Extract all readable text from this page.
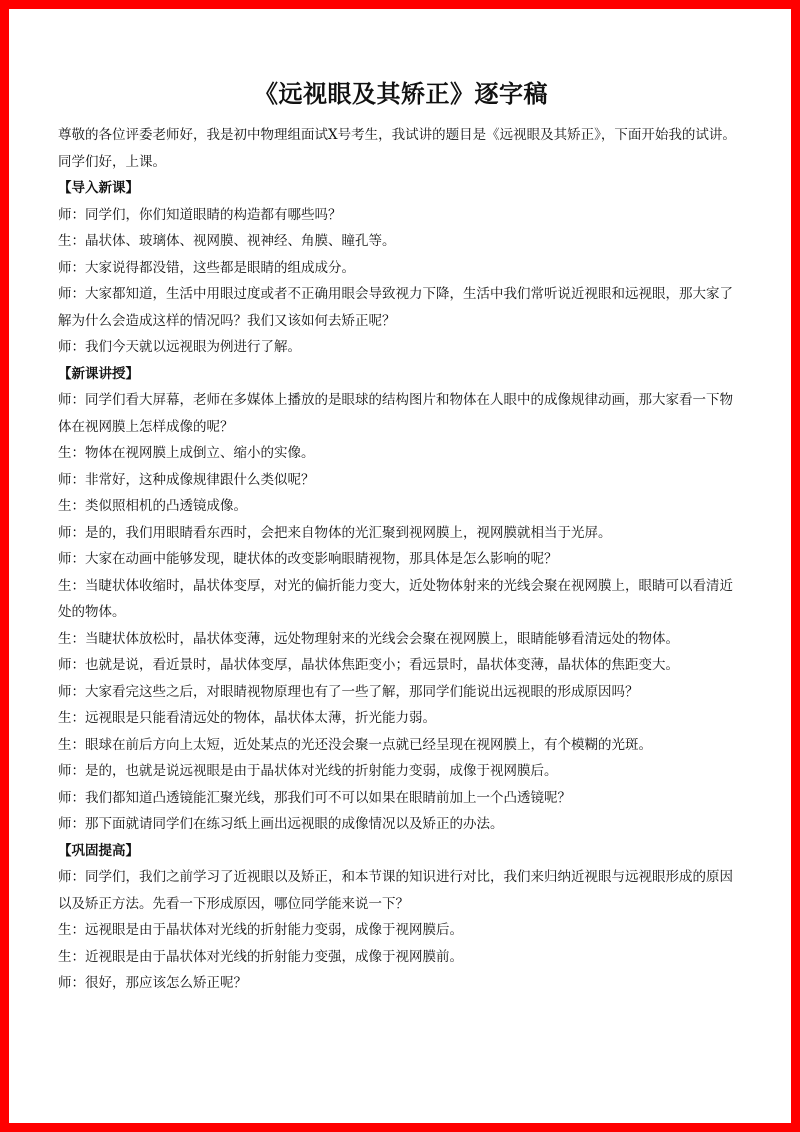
《远视眼及其矫正》逐字稿

尊敬的各位评委老师好，我是初中物理组面试X号考生，我试讲的题目是《远视眼及其矫正》，下面开始我的试讲。

同学们好，上课。

【导入新课】

师：同学们，你们知道眼睛的构造都有哪些吗？

生：晶状体、玻璃体、视网膜、视神经、角膜、瞳孔等。

师：大家说得都没错，这些都是眼睛的组成成分。

师：大家都知道，生活中用眼过度或者不正确用眼会导致视力下降，生活中我们常听说近视眼和远视眼，那大家了解为什么会造成这样的情况吗？我们又该如何去矫正呢？

师：我们今天就以远视眼为例进行了解。

【新课讲授】

师：同学们看大屏幕，老师在多媒体上播放的是眼球的结构图片和物体在人眼中的成像规律动画，那大家看一下物体在视网膜上怎样成像的呢？

生：物体在视网膜上成倒立、缩小的实像。

师：非常好，这种成像规律跟什么类似呢？

生：类似照相机的凸透镜成像。

师：是的，我们用眼睛看东西时，会把来自物体的光汇聚到视网膜上，视网膜就相当于光屏。

师：大家在动画中能够发现，睫状体的改变影响眼睛视物，那具体是怎么影响的呢？

生：当睫状体收缩时，晶状体变厚，对光的偏折能力变大，近处物体射来的光线会聚在视网膜上，眼睛可以看清近处的物体。

生：当睫状体放松时，晶状体变薄，远处物理射来的光线会会聚在视网膜上，眼睛能够看清远处的物体。

师：也就是说，看近景时，晶状体变厚，晶状体焦距变小；看远景时，晶状体变薄，晶状体的焦距变大。

师：大家看完这些之后，对眼睛视物原理也有了一些了解，那同学们能说出远视眼的形成原因吗？

生：远视眼是只能看清远处的物体，晶状体太薄，折光能力弱。

生：眼球在前后方向上太短，近处某点的光还没会聚一点就已经呈现在视网膜上，有个模糊的光斑。

师：是的，也就是说远视眼是由于晶状体对光线的折射能力变弱，成像于视网膜后。

师：我们都知道凸透镜能汇聚光线，那我们可不可以如果在眼睛前加上一个凸透镜呢？

师：那下面就请同学们在练习纸上画出远视眼的成像情况以及矫正的办法。

【巩固提高】

师：同学们，我们之前学习了近视眼以及矫正，和本节课的知识进行对比，我们来归纳近视眼与远视眼形成的原因以及矫正方法。先看一下形成原因，哪位同学能来说一下？

生：远视眼是由于晶状体对光线的折射能力变弱，成像于视网膜后。

生：近视眼是由于晶状体对光线的折射能力变强，成像于视网膜前。

师：很好，那应该怎么矫正呢？
